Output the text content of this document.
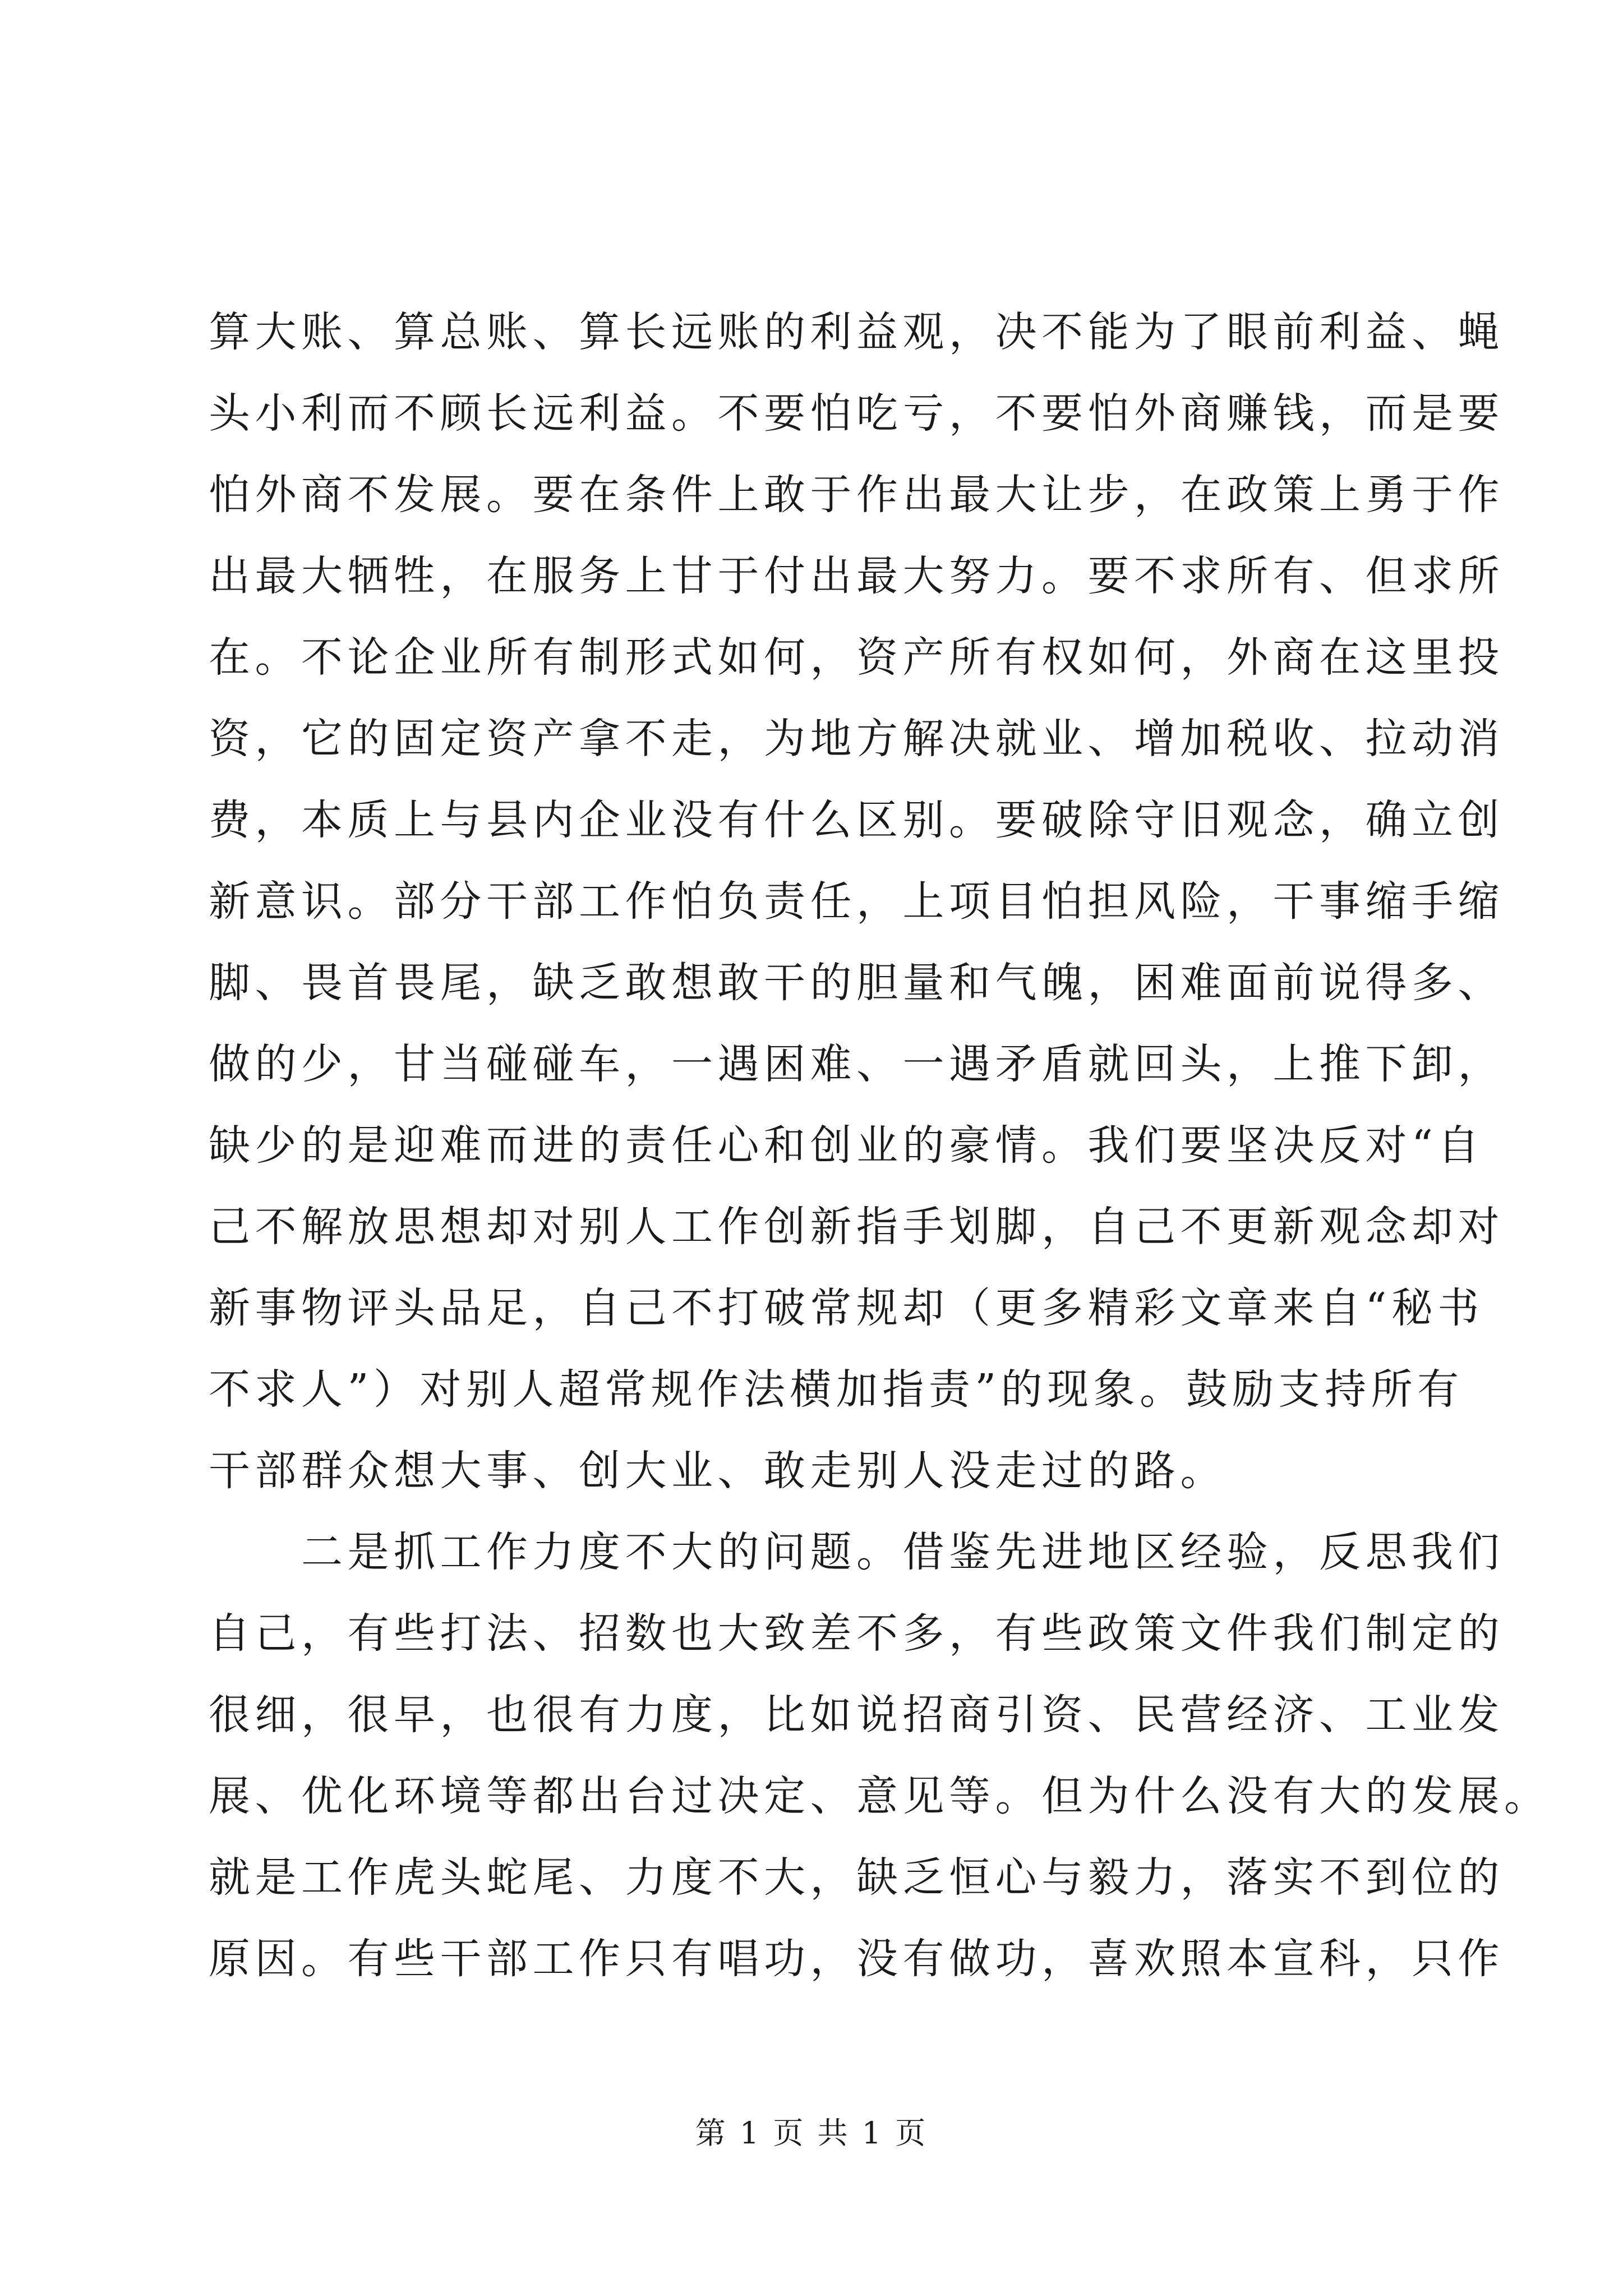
算大账、算总账、算长远账的利益观，决不能为了眼前利益、蝇
头小利而不顾长远利益。不要怕吃亏，不要怕外商赚钱，而是要
怕外商不发展。要在条件上敢于作出最大让步，在政策上勇于作
出最大牺牲，在服务上甘于付出最大努力。要不求所有、但求所
在。不论企业所有制形式如何，资产所有权如何，外商在这里投
资，它的固定资产拿不走，为地方解决就业、增加税收、拉动消
费，本质上与县内企业没有什么区别。要破除守旧观念，确立创
新意识。部分干部工作怕负责任，上项目怕担风险，干事缩手缩
脚、畏首畏尾，缺乏敢想敢干的胆量和气魄，困难面前说得多、
做的少，甘当碰碰车，一遇困难、一遇矛盾就回头，上推下卸，
缺少的是迎难而进的责任心和创业的豪情。我们要坚决反对“自
己不解放思想却对别人工作创新指手划脚，自己不更新观念却对
新事物评头品足，自己不打破常规却（更多精彩文章来自“秘书
不求人”）对别人超常规作法横加指责”的现象。鼓励支持所有
干部群众想大事、创大业、敢走别人没走过的路。
二是抓工作力度不大的问题。借鉴先进地区经验，反思我们
自己，有些打法、招数也大致差不多，有些政策文件我们制定的
很细，很早，也很有力度，比如说招商引资、民营经济、工业发
展、优化环境等都出台过决定、意见等。但为什么没有大的发展。
就是工作虎头蛇尾、力度不大，缺乏恒心与毅力，落实不到位的
原因。有些干部工作只有唱功，没有做功，喜欢照本宣科，只作
第 1 页 共 1 页
